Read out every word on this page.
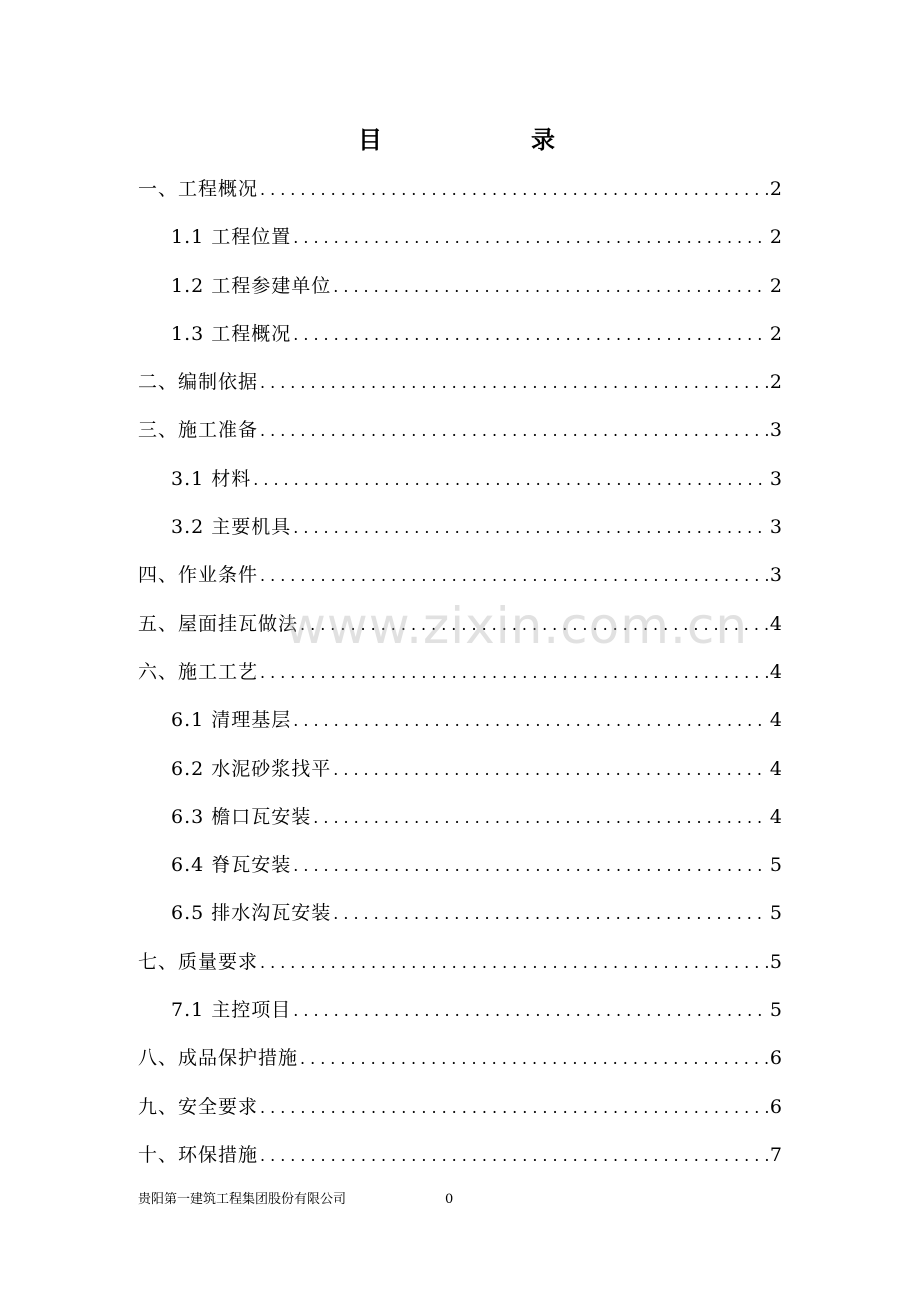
目	录
一、工程概况 .....	2
1.1 工程位置 .....	2
1.2 工程参建单位 .....	2
1.3 工程概况 .....	2
二、编制依据 .....	2
三、施工准备 .....	3
3.1 材料 .....	3
3.2 主要机具 .....	3
四、作业条件 .....	3
五、屋面挂瓦做法 .....	4
六、施工工艺 .....	4
6.1 清理基层 .....	4
6.2 水泥砂浆找平 .....	4
6.3 檐口瓦安装 .....	4
6.4 脊瓦安装 .....	5
6.5 排水沟瓦安装 .....	5
七、质量要求 .....	5
7.1 主控项目 .....	5
八、成品保护措施 .....	6
九、安全要求 .....	6
十、环保措施 .....	7
www.zixin.com.cn
贵阳第一建筑工程集团股份有限公司	0
